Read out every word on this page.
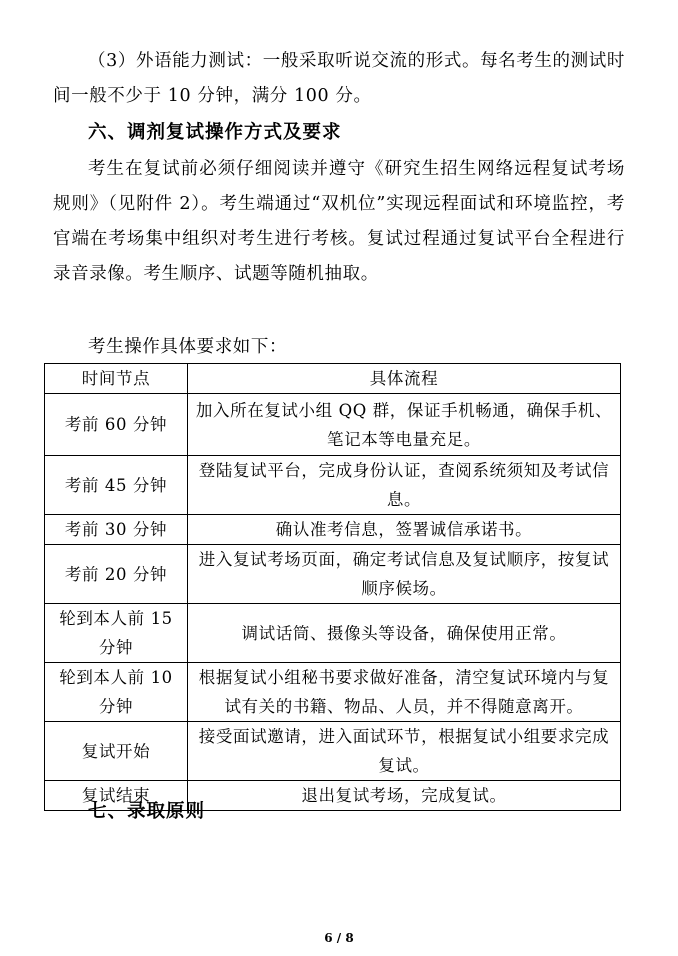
（3）外语能力测试：一般采取听说交流的形式。每名考生的测试时间一般不少于 10 分钟，满分 100 分。
六、调剂复试操作方式及要求
考生在复试前必须仔细阅读并遵守《研究生招生网络远程复试考场规则》（见附件 2）。考生端通过“双机位”实现远程面试和环境监控，考官端在考场集中组织对考生进行考核。复试过程通过复试平台全程进行录音录像。考生顺序、试题等随机抽取。
考生操作具体要求如下：
时间节点	具体流程
考前 60 分钟	加入所在复试小组 QQ 群，保证手机畅通，确保手机、笔记本等电量充足。
考前 45 分钟	登陆复试平台，完成身份认证，查阅系统须知及考试信息。
考前 30 分钟	确认准考信息，签署诚信承诺书。
考前 20 分钟	进入复试考场页面，确定考试信息及复试顺序，按复试顺序候场。
轮到本人前 15 分钟	调试话筒、摄像头等设备，确保使用正常。
轮到本人前 10 分钟	根据复试小组秘书要求做好准备，清空复试环境内与复试有关的书籍、物品、人员，并不得随意离开。
复试开始	接受面试邀请，进入面试环节，根据复试小组要求完成复试。
复试结束	退出复试考场，完成复试。
七、录取原则
6 / 8
